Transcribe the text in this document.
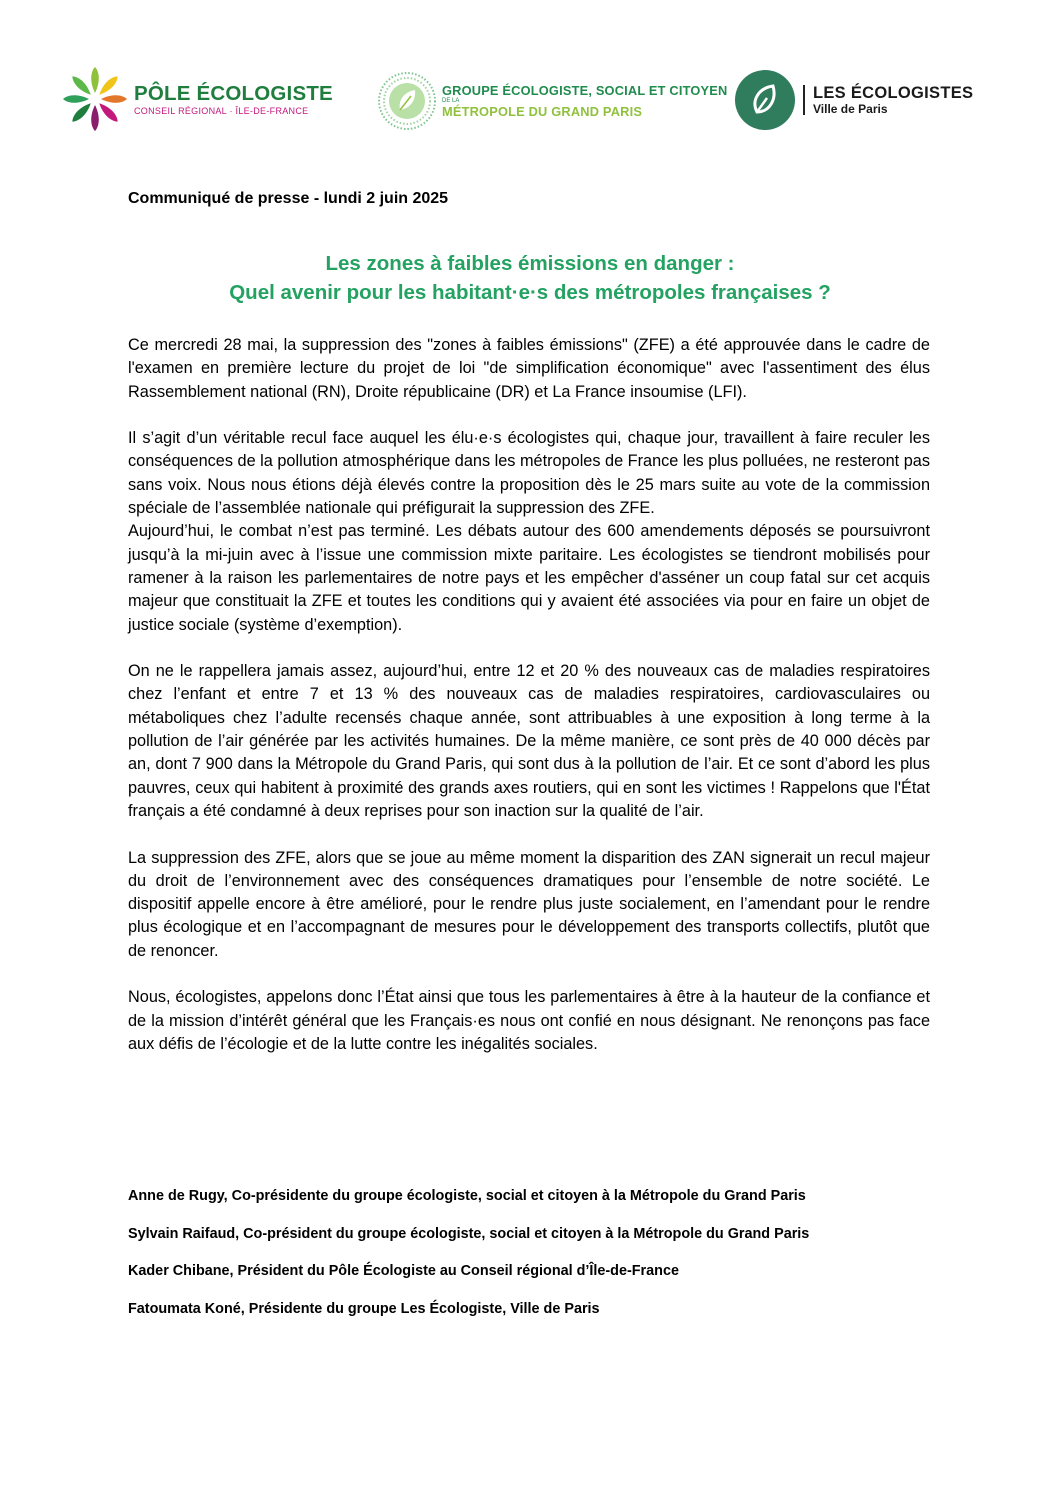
PÔLE ÉCOLOGISTE
CONSEIL RÉGIONAL · ÎLE-DE-FRANCE
GROUPE ÉCOLOGISTE, SOCIAL ET CITOYEN
DE LA
MÉTROPOLE DU GRAND PARIS
LES ÉCOLOGISTES
Ville de Paris
Communiqué de presse - lundi 2 juin 2025
Les zones à faibles émissions en danger :
Quel avenir pour les habitant·e·s des métropoles françaises ?

Ce mercredi 28 mai, la suppression des "zones à faibles émissions" (ZFE) a été approuvée dans le cadre de l'examen en première lecture du projet de loi "de simplification économique" avec l'assentiment des élus Rassemblement national (RN), Droite républicaine (DR) et La France insoumise (LFI).

Il s’agit d’un véritable recul face auquel les élu·e·s écologistes qui, chaque jour, travaillent à faire reculer les conséquences de la pollution atmosphérique dans les métropoles de France les plus polluées, ne resteront pas sans voix. Nous nous étions déjà élevés contre la proposition dès le 25 mars suite au vote de la commission spéciale de l’assemblée nationale qui préfigurait la suppression des ZFE.

Aujourd’hui, le combat n’est pas terminé. Les débats autour des 600 amendements déposés se poursuivront jusqu’à la mi-juin avec à l’issue une commission mixte paritaire. Les écologistes se tiendront mobilisés pour ramener à la raison les parlementaires de notre pays et les empêcher d'asséner un coup fatal sur cet acquis majeur que constituait la ZFE et toutes les conditions qui y avaient été associées via pour en faire un objet de justice sociale (système d’exemption).

On ne le rappellera jamais assez, aujourd’hui, entre 12 et 20 % des nouveaux cas de maladies respiratoires chez l’enfant et entre 7 et 13 % des nouveaux cas de maladies respiratoires, cardiovasculaires ou métaboliques chez l’adulte recensés chaque année, sont attribuables à une exposition à long terme à la pollution de l’air générée par les activités humaines. De la même manière, ce sont près de 40 000 décès par an, dont 7 900 dans la Métropole du Grand Paris, qui sont dus à la pollution de l’air. Et ce sont d’abord les plus pauvres, ceux qui habitent à proximité des grands axes routiers, qui en sont les victimes ! Rappelons que l'État français a été condamné à deux reprises pour son inaction sur la qualité de l’air.

La suppression des ZFE, alors que se joue au même moment la disparition des ZAN signerait un recul majeur du droit de l’environnement avec des conséquences dramatiques pour l’ensemble de notre société. Le dispositif appelle encore à être amélioré, pour le rendre plus juste socialement, en l’amendant pour le rendre plus écologique et en l’accompagnant de mesures pour le développement des transports collectifs, plutôt que de renoncer.

Nous, écologistes, appelons donc l’État ainsi que tous les parlementaires à être à la hauteur de la confiance et de la mission d’intérêt général que les Français·es nous ont confié en nous désignant. Ne renonçons pas face aux défis de l’écologie et de la lutte contre les inégalités sociales.

Anne de Rugy, Co-présidente du groupe écologiste, social et citoyen à la Métropole du Grand Paris

Sylvain Raifaud, Co-président du groupe écologiste, social et citoyen à la Métropole du Grand Paris

Kader Chibane, Président du Pôle Écologiste au Conseil régional d’Île-de-France

Fatoumata Koné, Présidente du groupe Les Écologiste, Ville de Paris
